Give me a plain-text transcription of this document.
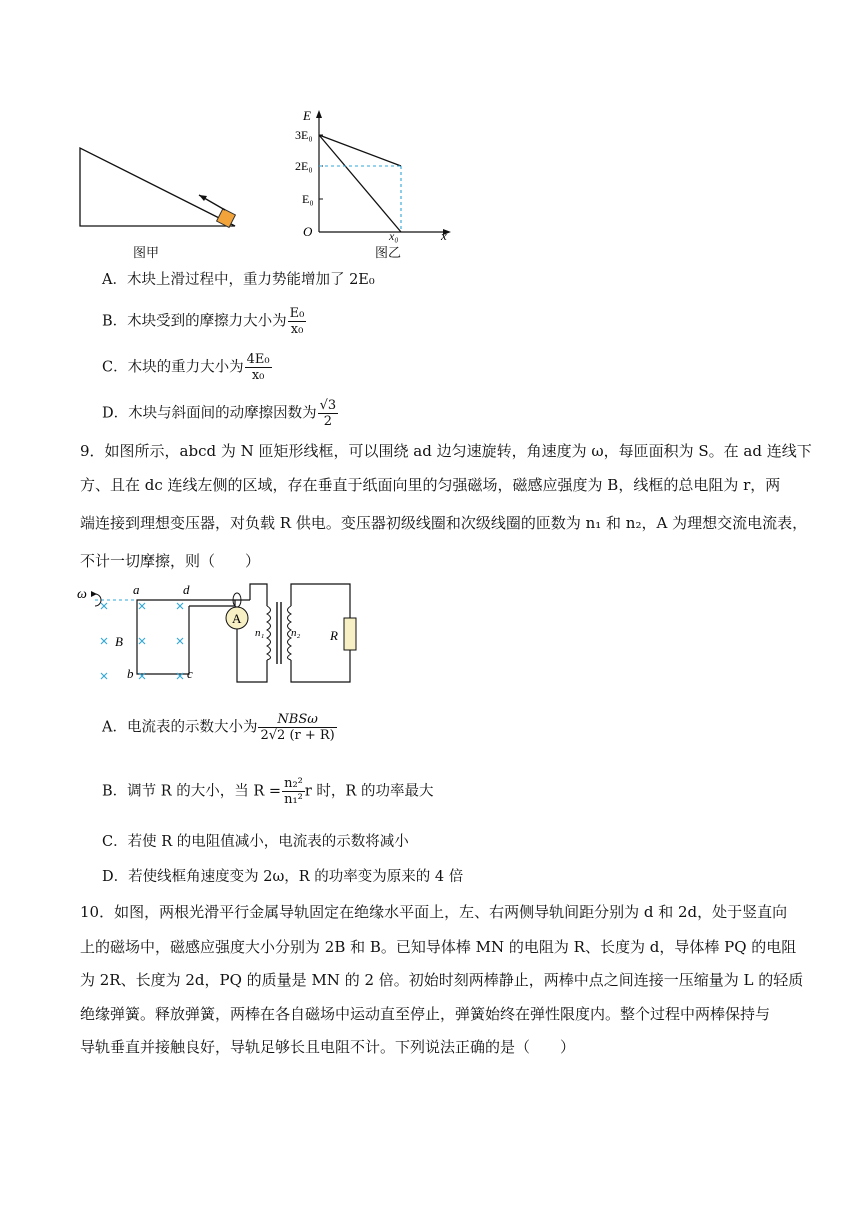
图甲
E
x
O
3E₀
2E₀
E₀
x₀
图乙
A．木块上滑过程中，重力势能增加了 2E₀
B．木块受到的摩擦力大小为 $\frac{\text{E₀}}{\text{x₀}}$
C．木块的重力大小为 $\frac{\text{4E₀}}{\text{x₀}}$
D．木块与斜面间的动摩擦因数为 $\frac{√3}{2}$
9．如图所示，abcd 为 N 匝矩形线框，可以围绕 ad 边匀速旋转，角速度为 ω，每匝面积为 S。在 ad 连线下
方、且在 dc 连线左侧的区域，存在垂直于纸面向里的匀强磁场，磁感应强度为 B，线框的总电阻为 r，两
端连接到理想变压器，对负载 R 供电。变压器初级线圈和次级线圈的匝数为 n₁ 和 n₂，A 为理想交流电流表，
不计一切摩擦，则（　　）
ω	a	d
b	c
B
A
n₁ n₂ R
A．电流表的示数大小为 $\frac{\text{NBSω}}{2√2 (r + R)}$
B．调节 R 的大小，当 $R = \frac{\text{n₂²}}{\text{n₁²}}$ r 时，R 的功率最大
C．若使 R 的电阻值减小，电流表的示数将减小
D．若使线框角速度变为 2ω，R 的功率变为原来的 4 倍
10．如图，两根光滑平行金属导轨固定在绝缘水平面上，左、右两侧导轨间距分别为 d 和 2d，处于竖直向
上的磁场中，磁感应强度大小分别为 2B 和 B。已知导体棒 MN 的电阻为 R、长度为 d，导体棒 PQ 的电阻
为 2R、长度为 2d，PQ 的质量是 MN 的 2 倍。初始时刻两棒静止，两棒中点之间连接一压缩量为 L 的轻质
绝缘弹簧。释放弹簧，两棒在各自磁场中运动直至停止，弹簧始终在弹性限度内。整个过程中两棒保持与
导轨垂直并接触良好，导轨足够长且电阻不计。下列说法正确的是（　　）
